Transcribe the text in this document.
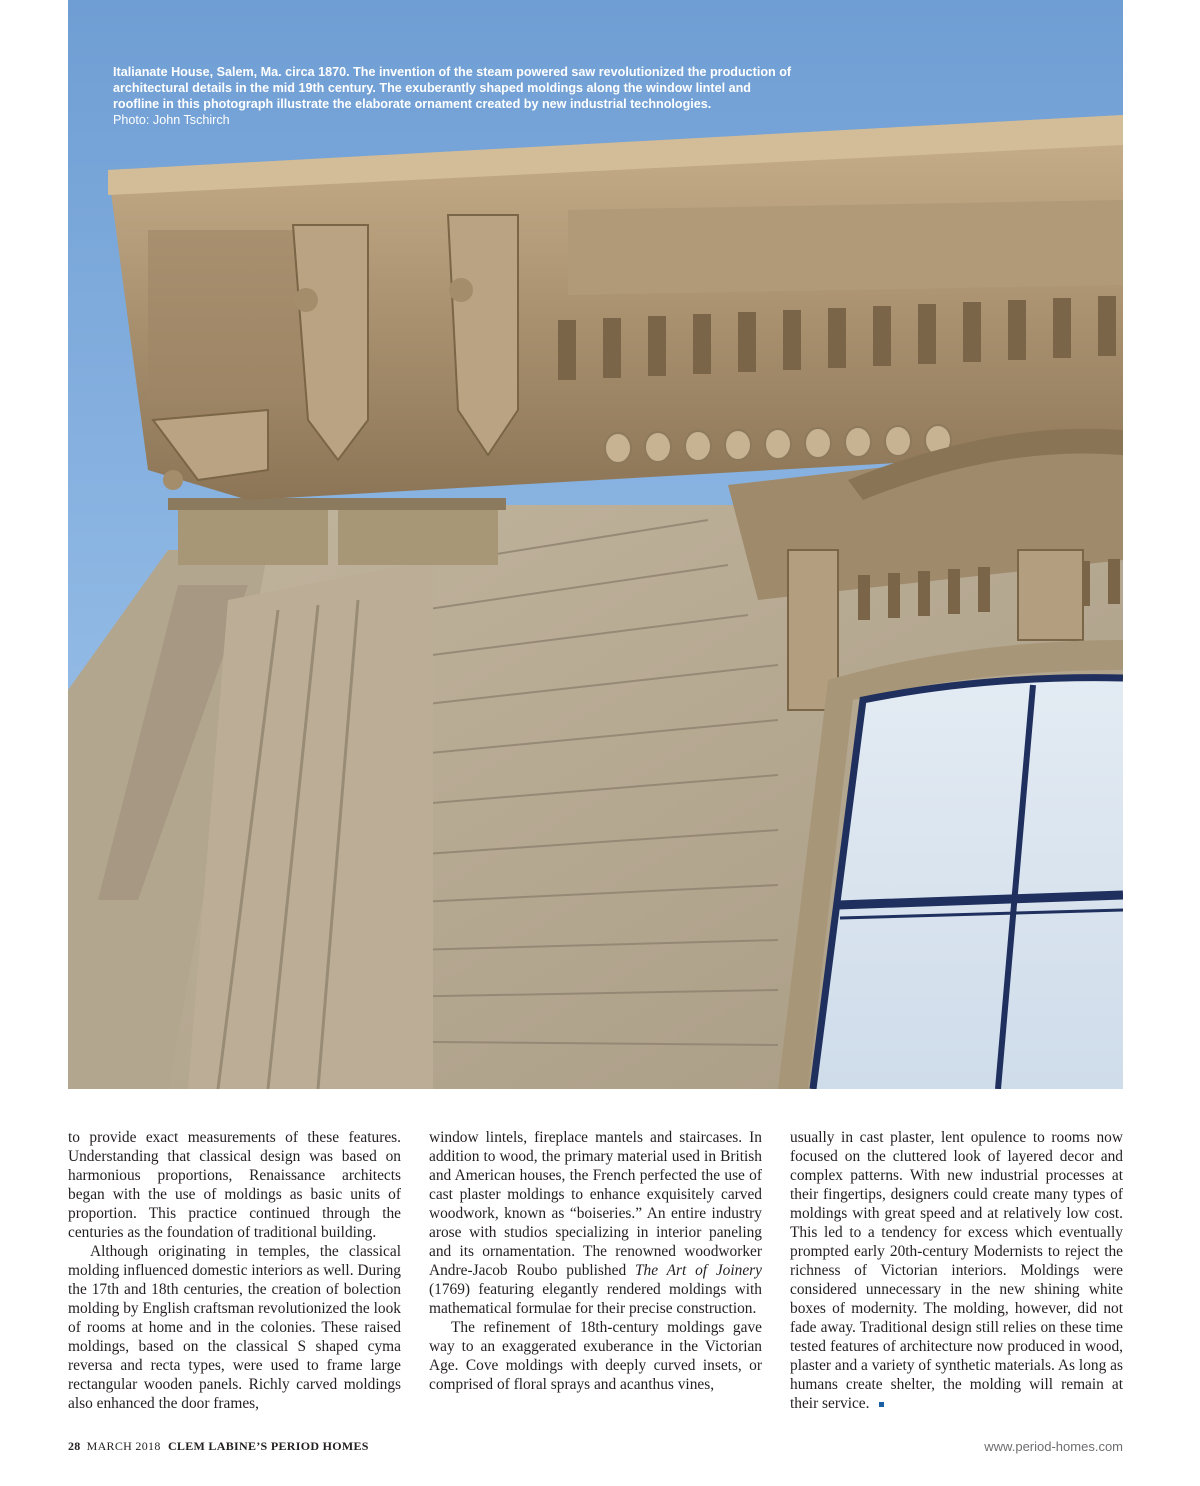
Italianate House, Salem, Ma. circa 1870. The invention of the steam powered saw revolutionized the production of architectural details in the mid 19th century. The exuberantly shaped moldings along the window lintel and roofline in this photograph illustrate the elaborate ornament created by new industrial technologies.
Photo: John Tschirch

to provide exact measurements of these features. Understanding that classical design was based on harmonious proportions, Renaissance architects began with the use of moldings as basic units of proportion. This practice continued through the centuries as the foundation of traditional building.

Although originating in temples, the classical molding influenced domestic interiors as well. During the 17th and 18th centuries, the creation of bolection molding by English craftsman revolutionized the look of rooms at home and in the colonies. These raised moldings, based on the classical S shaped cyma reversa and recta types, were used to frame large rectangular wooden panels. Richly carved moldings also enhanced the door frames,

window lintels, fireplace mantels and staircases. In addition to wood, the primary material used in British and American houses, the French perfected the use of cast plaster moldings to enhance exquisitely carved woodwork, known as “boiseries.” An entire industry arose with studios specializing in interior paneling and its ornamentation. The renowned woodworker Andre-Jacob Roubo published The Art of Joinery (1769) featuring elegantly rendered moldings with mathematical formulae for their precise construction.

The refinement of 18th-century moldings gave way to an exaggerated exuberance in the Victorian Age. Cove moldings with deeply curved insets, or comprised of floral sprays and acanthus vines,

usually in cast plaster, lent opulence to rooms now focused on the cluttered look of layered decor and complex patterns. With new industrial processes at their fingertips, designers could create many types of moldings with great speed and at relatively low cost. This led to a tendency for excess which eventually prompted early 20th-century Modernists to reject the richness of Victorian interiors. Moldings were considered unnecessary in the new shining white boxes of modernity. The molding, however, did not fade away. Traditional design still relies on these time tested features of architecture now produced in wood, plaster and a variety of synthetic materials. As long as humans create shelter, the molding will remain at their service.

28 MARCH 2018 CLEM LABINE’S PERIOD HOMES	www.period-homes.com
